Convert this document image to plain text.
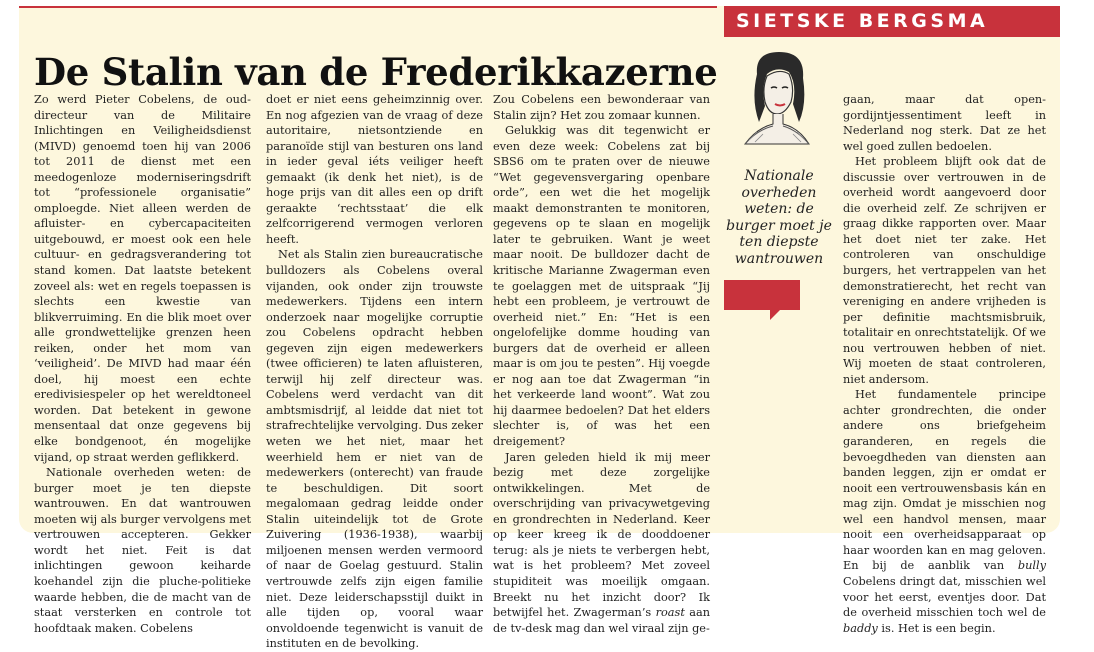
SIETSKE BERGSMA
De Stalin van de Frederikkazerne

Zo werd Pieter Cobelens, de oud-directeur van de Militaire Inlichtingen en Veiligheidsdienst (MIVD) genoemd toen hij van 2006 tot 2011 de dienst met een meedogenloze moderniseringsdrift tot “professionele organisatie” omploegde. Niet alleen werden de afluister- en cybercapaciteiten uitgebouwd, er moest ook een hele cultuur- en gedragsverandering tot stand komen. Dat laatste betekent zoveel als: wet en regels toepassen is slechts een kwestie van blikverruiming. En die blik moet over alle grondwettelijke grenzen heen reiken, onder het mom van ‘veiligheid’. De MIVD had maar één doel, hij moest een echte eredivisiespeler op het wereldtoneel worden. Dat betekent in gewone mensentaal dat onze gegevens bij elke bondgenoot, én mogelijke vijand, op straat werden geflikkerd.

Nationale overheden weten: de burger moet je ten diepste wantrouwen. En dat wantrouwen moeten wij als burger vervolgens met vertrouwen accepteren. Gekker wordt het niet. Feit is dat inlichtingen gewoon keiharde koehandel zijn die pluche-politieke waarde hebben, die de macht van de staat versterken en controle tot hoofdtaak maken. Cobelens

doet er niet eens geheimzinnig over. En nog afgezien van de vraag of deze autoritaire, nietsontziende en paranoïde stijl van besturen ons land in ieder geval iéts veiliger heeft gemaakt (ik denk het niet), is de hoge prijs van dit alles een op drift geraakte ‘rechtsstaat’ die elk zelfcorrigerend vermogen verloren heeft.

Net als Stalin zien bureaucratische bulldozers als Cobelens overal vijanden, ook onder zijn trouwste medewerkers. Tijdens een intern onderzoek naar mogelijke corruptie zou Cobelens opdracht hebben gegeven zijn eigen medewerkers (twee officieren) te laten afluisteren, terwijl hij zelf directeur was. Cobelens werd verdacht van dit ambtsmisdrijf, al leidde dat niet tot strafrechtelijke vervolging. Dus zeker weten we het niet, maar het weerhield hem er niet van de medewerkers (onterecht) van fraude te beschuldigen. Dit soort megalomaan gedrag leidde onder Stalin uiteindelijk tot de Grote Zuivering (1936-1938), waarbij miljoenen mensen werden vermoord of naar de Goelag gestuurd. Stalin vertrouwde zelfs zijn eigen familie niet. Deze leiderschapsstijl duikt in alle tijden op, vooral waar onvoldoende tegenwicht is vanuit de instituten en de bevolking.

Zou Cobelens een bewonderaar van Stalin zijn? Het zou zomaar kunnen.

Gelukkig was dit tegenwicht er even deze week: Cobelens zat bij SBS6 om te praten over de nieuwe “Wet gegevensvergaring openbare orde”, een wet die het mogelijk maakt demonstranten te monitoren, gegevens op te slaan en mogelijk later te gebruiken. Want je weet maar nooit. De bulldozer dacht de kritische Marianne Zwagerman even te goelaggen met de uitspraak “Jij hebt een probleem, je vertrouwt de overheid niet.” En: “Het is een ongelofelijke domme houding van burgers dat de overheid er alleen maar is om jou te pesten”. Hij voegde er nog aan toe dat Zwagerman “in het verkeerde land woont”. Wat zou hij daarmee bedoelen? Dat het elders slechter is, of was het een dreigement?

Jaren geleden hield ik mij meer bezig met deze zorgelijke ontwikkelingen. Met de overschrijding van privacywetgeving en grondrechten in Nederland. Keer op keer kreeg ik de dooddoener terug: als je niets te verbergen hebt, wat is het probleem? Met zoveel stupiditeit was moeilijk omgaan. Breekt nu het inzicht door? Ik betwijfel het. Zwagerman’s roast aan de tv-desk mag dan wel viraal zijn ge-

gaan, maar dat open-gordijntjessentiment leeft in Nederland nog sterk. Dat ze het wel goed zullen bedoelen.

Het probleem blijft ook dat de discussie over vertrouwen in de overheid wordt aangevoerd door die overheid zelf. Ze schrijven er graag dikke rapporten over. Maar het doet niet ter zake. Het controleren van onschuldige burgers, het vertrappelen van het demonstratierecht, het recht van vereniging en andere vrijheden is per definitie machtsmisbruik, totalitair en onrechtstatelijk. Of we nou vertrouwen hebben of niet. Wij moeten de staat controleren, niet andersom.

Het fundamentele principe achter grondrechten, die onder andere ons briefgeheim garanderen, en regels die bevoegdheden van diensten aan banden leggen, zijn er omdat er nooit een vertrouwensbasis kán en mag zijn. Omdat je misschien nog wel een handvol mensen, maar nooit een overheidsapparaat op haar woorden kan en mag geloven. En bij de aanblik van bully Cobelens dringt dat, misschien wel voor het eerst, eventjes door. Dat de overheid misschien toch wel de baddy is. Het is een begin.

Nationale overheden weten: de burger moet je ten diepste wantrouwen
